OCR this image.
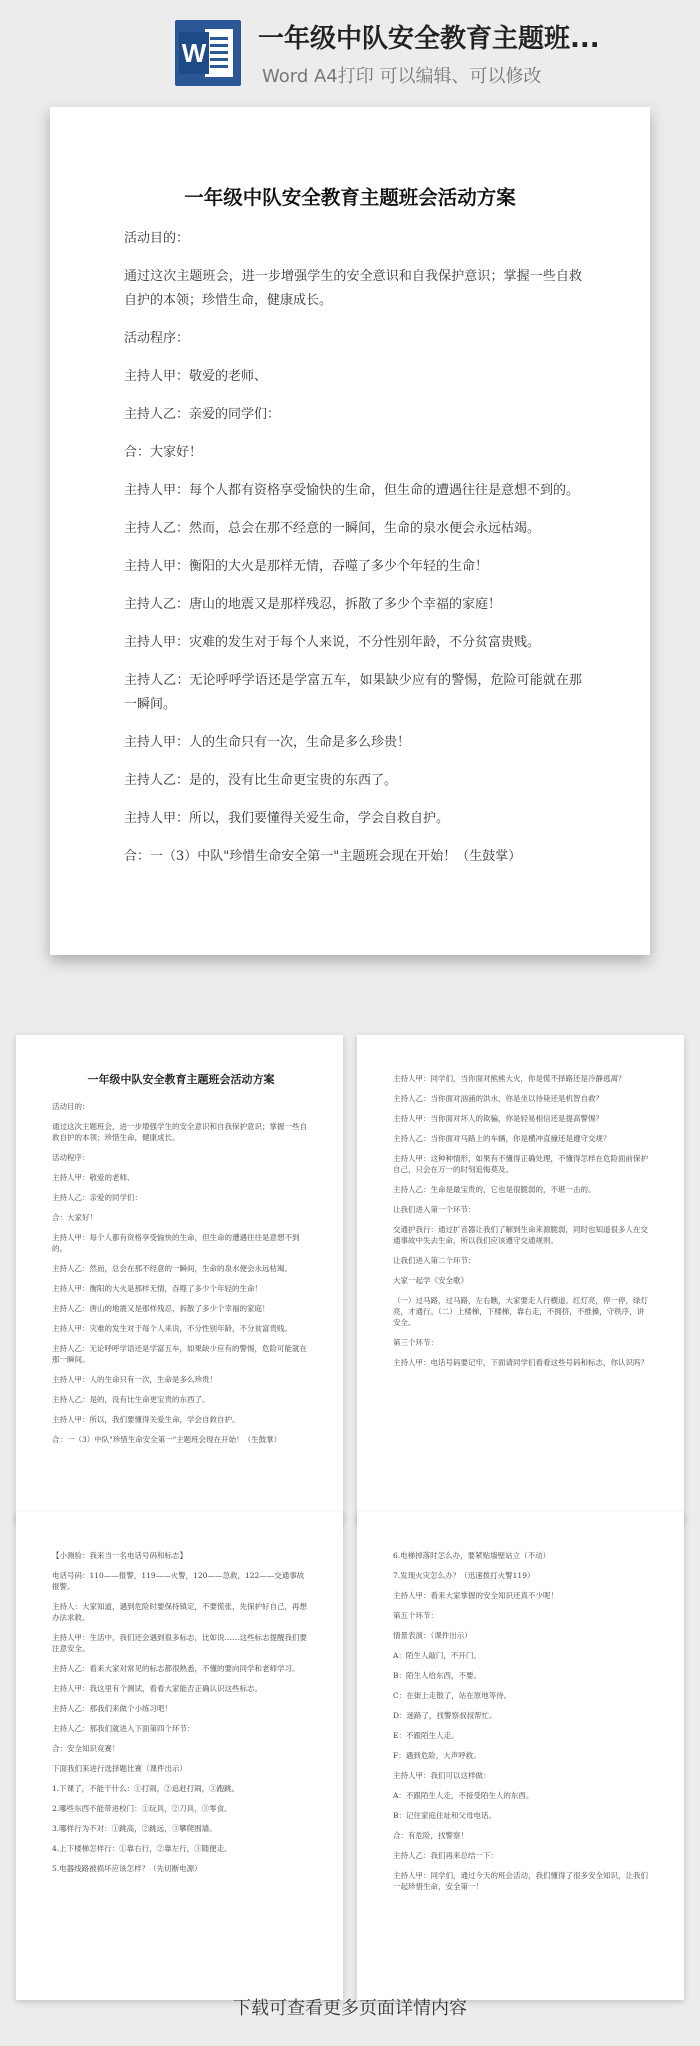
W 一年级中队安全教育主题班...
Word A4打印 可以编辑、可以修改
一年级中队安全教育主题班会活动方案

活动目的：

通过这次主题班会，进一步增强学生的安全意识和自我保护意识；掌握一些自救自护的本领；珍惜生命，健康成长。

活动程序：

主持人甲：敬爱的老师、

主持人乙：亲爱的同学们：

合：大家好！

主持人甲：每个人都有资格享受愉快的生命，但生命的遭遇往往是意想不到的。

主持人乙：然而，总会在那不经意的一瞬间，生命的泉水便会永远枯竭。

主持人甲：衡阳的大火是那样无情，吞噬了多少个年轻的生命！

主持人乙：唐山的地震又是那样残忍，拆散了多少个幸福的家庭！

主持人甲：灾难的发生对于每个人来说，不分性别年龄，不分贫富贵贱。

主持人乙：无论呼呼学语还是学富五车，如果缺少应有的警惕，危险可能就在那一瞬间。

主持人甲：人的生命只有一次，生命是多么珍贵！

主持人乙：是的，没有比生命更宝贵的东西了。

主持人甲：所以，我们要懂得关爱生命，学会自救自护。

合：一（3）中队"珍惜生命安全第一"主题班会现在开始！（生鼓掌）

一年级中队安全教育主题班会活动方案

活动目的：

通过这次主题班会，进一步增强学生的安全意识和自我保护意识；掌握一些自救自护的本领；珍惜生命，健康成长。

活动程序：

主持人甲：敬爱的老师、

主持人乙：亲爱的同学们：

合：大家好！

主持人甲：每个人都有资格享受愉快的生命，但生命的遭遇往往是意想不到的。

主持人乙：然而，总会在那不经意的一瞬间，生命的泉水便会永远枯竭。

主持人甲：衡阳的大火是那样无情，吞噬了多少个年轻的生命！

主持人乙：唐山的地震又是那样残忍，拆散了多少个幸福的家庭！

主持人甲：灾难的发生对于每个人来说，不分性别年龄，不分贫富贵贱。

主持人乙：无论呼呼学语还是学富五车，如果缺少应有的警惕，危险可能就在那一瞬间。

主持人甲：人的生命只有一次，生命是多么珍贵！

主持人乙：是的，没有比生命更宝贵的东西了。

主持人甲：所以，我们要懂得关爱生命，学会自救自护。

合：一（3）中队"珍惜生命安全第一"主题班会现在开始！（生鼓掌）

主持人甲：同学们，当你面对熊熊大火，你是慌不择路还是冷静逃离？

主持人乙：当你面对汹涌的洪水，你是坐以待毙还是机智自救？

主持人甲：当你面对坏人的欺骗，你是轻易相信还是提高警惕？

主持人乙：当你面对马路上的车辆，你是横冲直撞还是遵守交规？

主持人甲：这种种情形，如果有不懂得正确处理，不懂得怎样在危险面前保护自己，只会在万一的时刻追悔莫及。

主持人乙：生命是最宝贵的，它也是很脆弱的，不堪一击的。

让我们进入第一个环节：

交通护我行：通过扩音器让我们了解到生命来源脆弱，同时也知道很多人在交通事故中失去生命，所以我们应该遵守交通规则。

让我们进入第二个环节：

大家一起学《安全歌》

（一）过马路，过马路，左右瞧，大家要走人行横道。红灯亮，停一停，绿灯亮，才通行。（二）上楼梯，下楼梯，靠右走，不拥挤，不推搡，守秩序，讲安全。

第三个环节：

主持人甲：电话号码要记牢，下面请同学们看看这些号码和标志，你认识吗？

【小测验：我来当一名电话号码和标志】

电话号码：110——报警，119——火警，120——急救，122——交通事故报警。

主持人：大家知道，遇到危险时要保持镇定，不要慌张，先保护好自己，再想办法求救。

主持人甲：生活中，我们还会遇到很多标志，比如说……这些标志提醒我们要注意安全。

主持人乙：看来大家对常见的标志都很熟悉，不懂的要向同学和老师学习。

主持人甲：我这里有个测试，看看大家能否正确认识这些标志。

主持人乙：那我们来做个小练习吧！

主持人乙：那我们就进入下面第四个环节：

合：安全知识竞赛！

下面我们来进行选择题比赛（课件出示）

1.下课了，不能干什么：①打闹，②追赶打闹，③跑跳。

2.哪些东西不能带进校门：①玩具，②刀具，③零食。

3.哪样行为不对：①跳高，②跳远，③攀爬围墙。

4.上下楼梯怎样行：①靠右行，②靠左行，③随便走。

5.电器线路被损坏应该怎样？（先切断电源）

6.电梯掉落时怎么办，要紧贴墙壁站立（不动）

7.发现火灾怎么办？（迅速拨打火警119）

主持人甲：看来大家掌握的安全知识还真不少呢！

第五个环节：

情景表演：（课件出示）

A：陌生人敲门，不开门。

B：陌生人给东西，不要。

C：在街上走散了，站在原地等待。

D：迷路了，找警察叔叔帮忙。

E：不跟陌生人走。

F：遇到危险，大声呼救。

主持人甲：我们可以这样做：

A：不跟陌生人走，不接受陌生人的东西。

B：记住家庭住址和父母电话。

合：有危险，找警察！

主持人乙：我们再来总结一下：

主持人甲：同学们，通过今天的班会活动，我们懂得了很多安全知识，让我们一起珍惜生命，安全第一！

下载可查看更多页面详情内容
